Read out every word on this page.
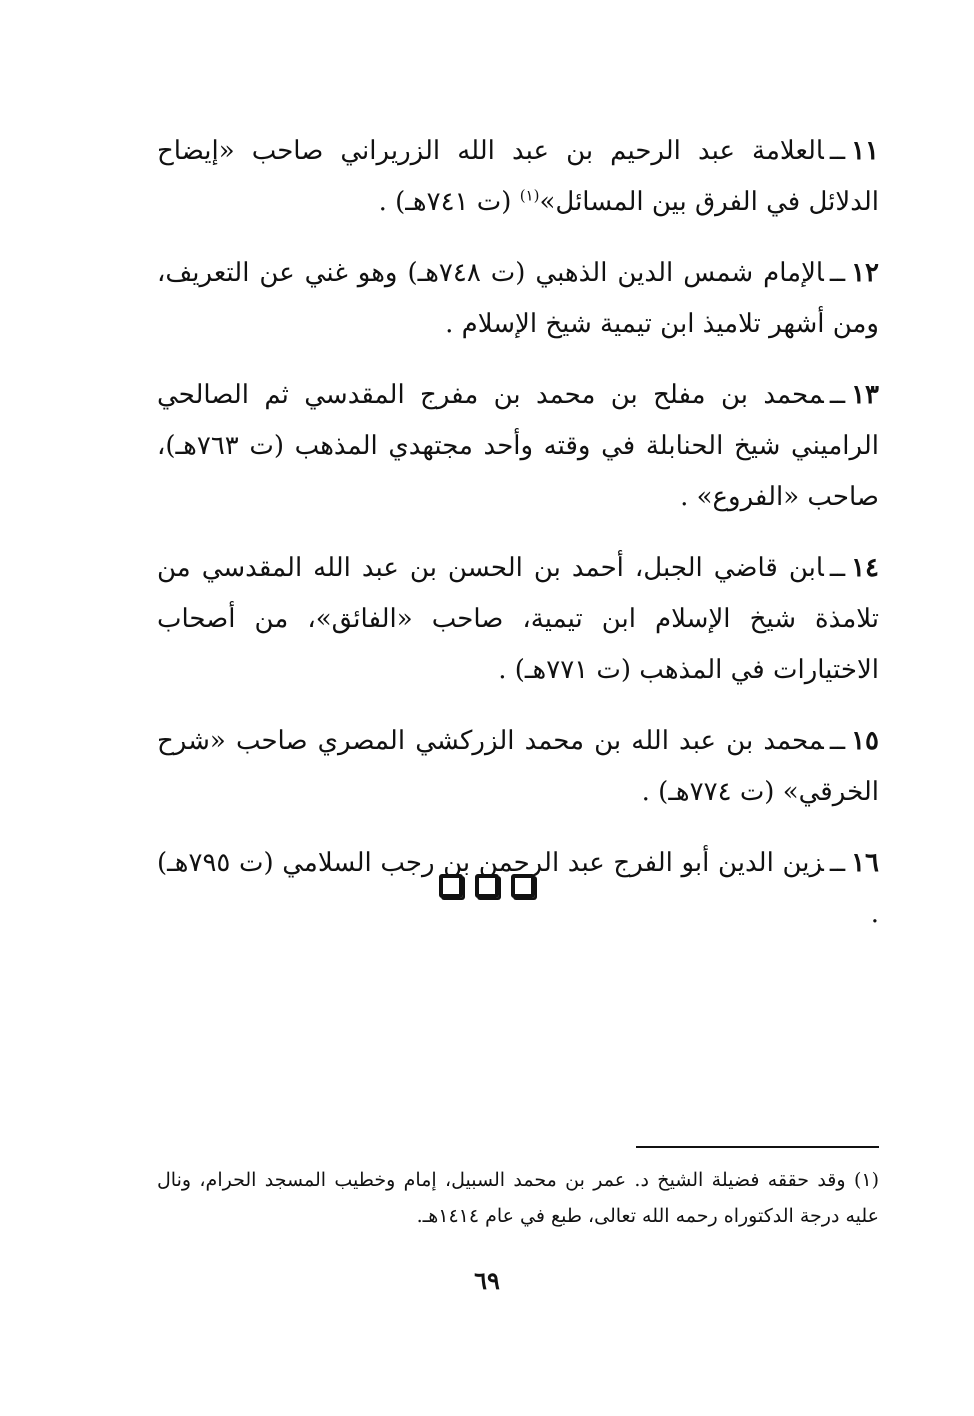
١١ــالعلامة عبد الرحيم بن عبد الله الزريراني صاحب «إيضاح الدلائل في الفرق بين المسائل»$^{(١)}$ (ت ٧٤١هـ) .

١٢ــالإمام شمس الدين الذهبي (ت ٧٤٨هـ) وهو غني عن التعريف، ومن أشهر تلاميذ ابن تيمية شيخ الإسلام .

١٣ــمحمد بن مفلح بن محمد بن مفرج المقدسي ثم الصالحي الراميني شيخ الحنابلة في وقته وأحد مجتهدي المذهب (ت ٧٦٣هـ)، صاحب «الفروع» .

١٤ــابن قاضي الجبل، أحمد بن الحسن بن عبد الله المقدسي من تلامذة شيخ الإسلام ابن تيمية، صاحب «الفائق»، من أصحاب الاختيارات في المذهب (ت ٧٧١هـ) .

١٥ــمحمد بن عبد الله بن محمد الزركشي المصري صاحب «شرح الخرقي» (ت ٧٧٤هـ) .

١٦ــزين الدين أبو الفرج عبد الرحمن بن رجب السلامي (ت ٧٩٥هـ) .

(١) وقد حققه فضيلة الشيخ د. عمر بن محمد السبيل، إمام وخطيب المسجد الحرام، ونال عليه درجة الدكتوراه رحمه الله تعالى، طبع في عام ١٤١٤هـ.
٦٩
